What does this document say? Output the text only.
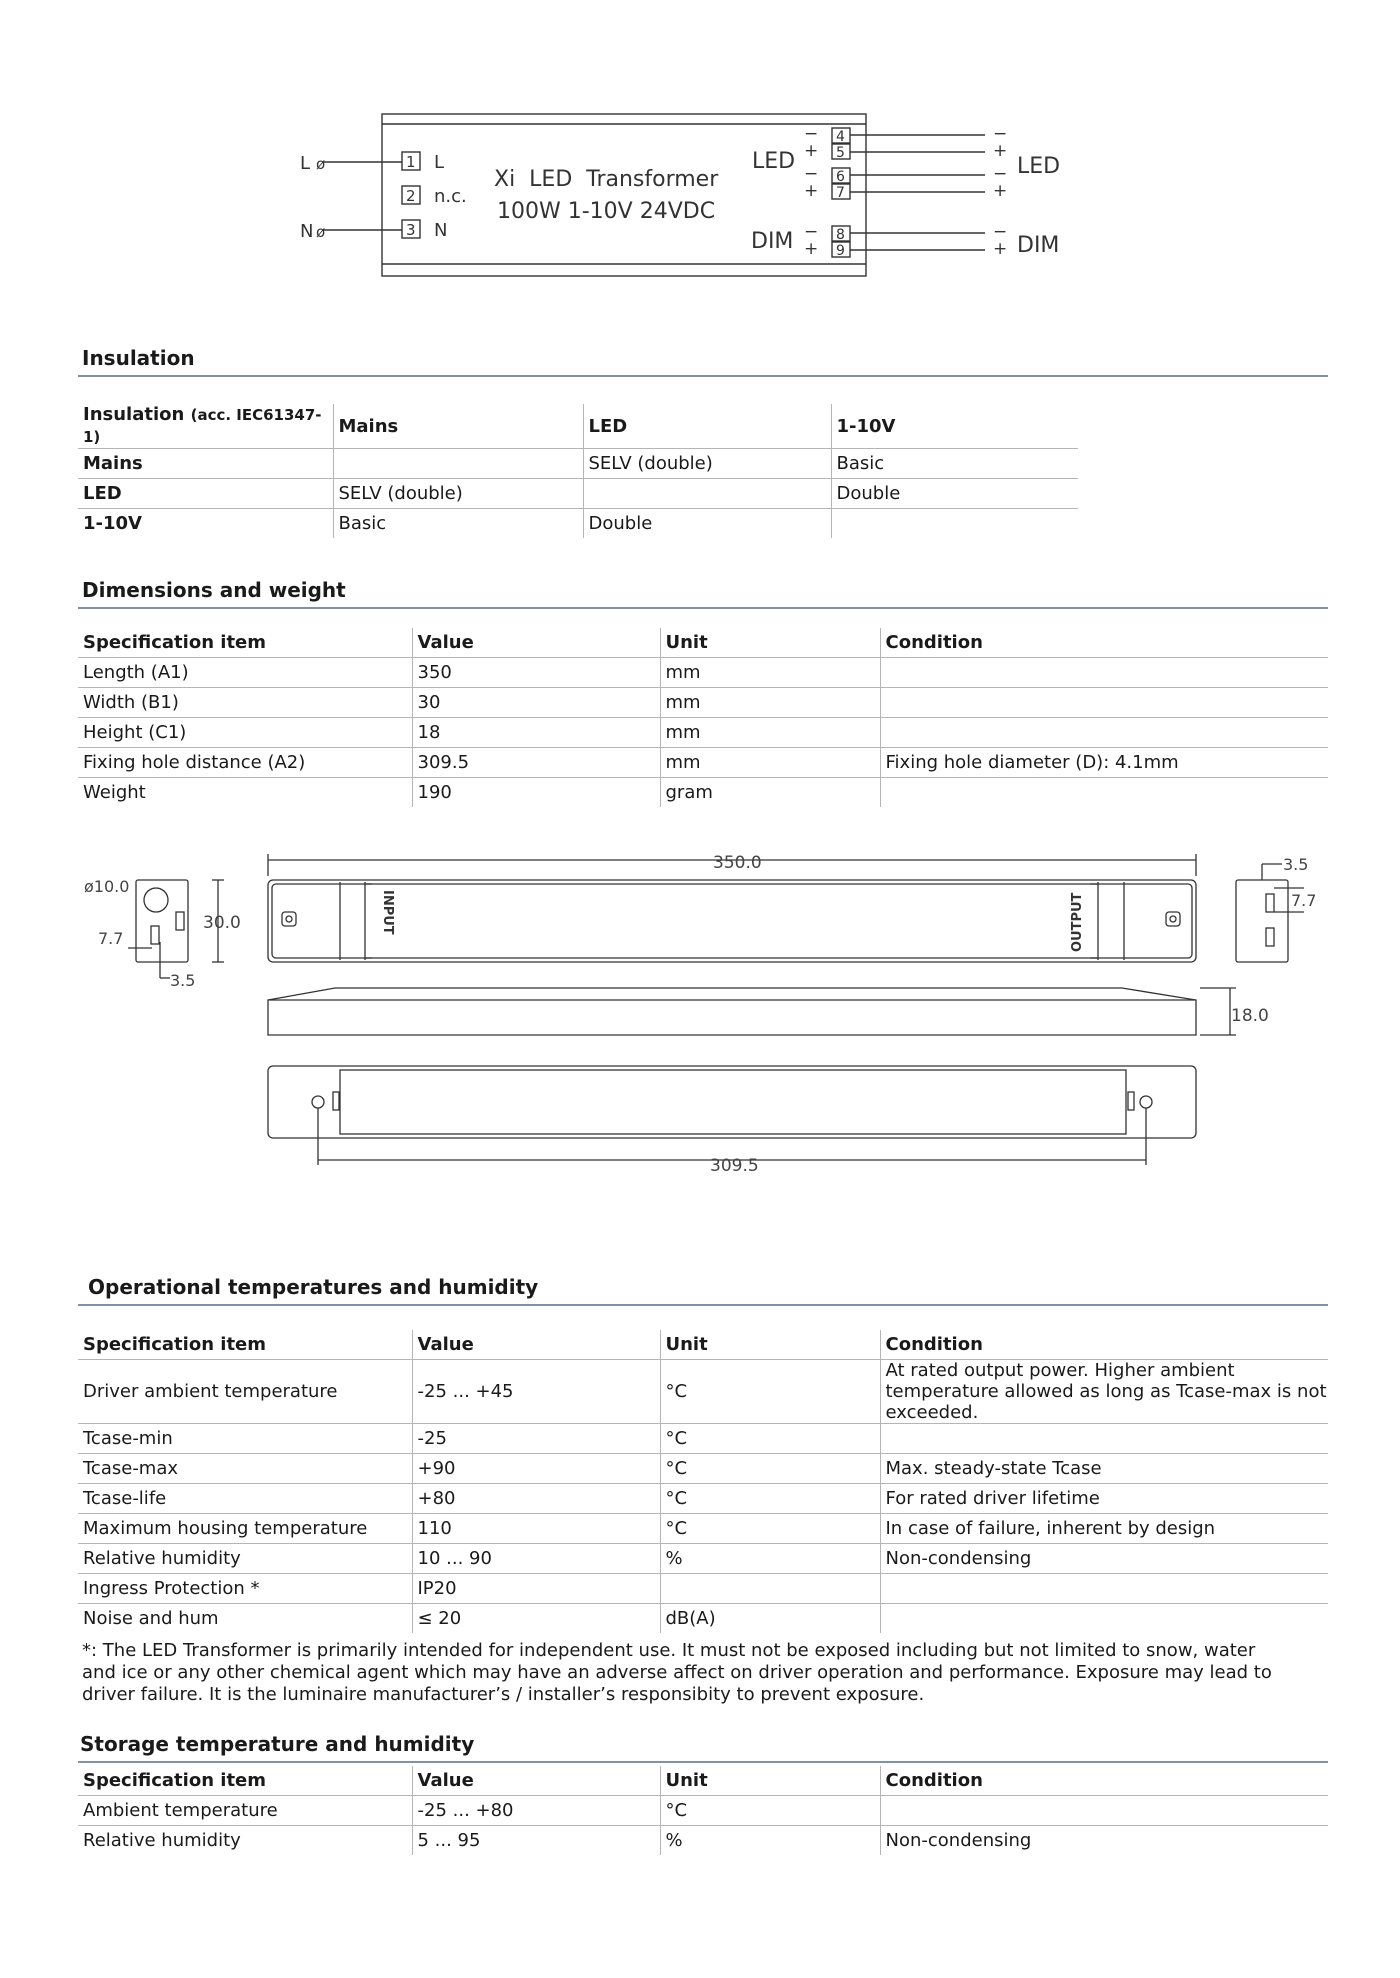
L ø
N ø
1 L
2 n.c.
3 N
Xi  LED  Transformer
100W 1-10V 24VDC
LED
DIM
−
+
−
+
−
+
4
5
6
7
8
9
−
+
−
+
−
+
LED
DIM
Insulation
Insulation (acc. IEC61347-1)	Mains	LED	1-10V
Mains		SELV (double)	Basic
LED	SELV (double)		Double
1-10V	Basic	Double	
Dimensions and weight
Specification item	Value	Unit	Condition
Length (A1)	350	mm	
Width (B1)	30	mm	
Height (C1)	18	mm	
Fixing hole distance (A2)	309.5	mm	Fixing hole diameter (D): 4.1mm
Weight	190	gram	
350.0
30.0
18.0
309.5
ø10.0
7.7
3.5
3.5
7.7
INPUT	OUTPUT
Operational temperatures and humidity
Specification item	Value	Unit	Condition
Driver ambient temperature	-25 ... +45	°C	At rated output power. Higher ambient temperature allowed as long as Tcase-max is not exceeded.
Tcase-min	-25	°C	
Tcase-max	+90	°C	Max. steady-state Tcase
Tcase-life	+80	°C	For rated driver lifetime
Maximum housing temperature	110	°C	In case of failure, inherent by design
Relative humidity	10 ... 90	%	Non-condensing
Ingress Protection *	IP20		
Noise and hum	≤ 20	dB(A)	
*: The LED Transformer is primarily intended for independent use. It must not be exposed including but not limited to snow, water and ice or any other chemical agent which may have an adverse affect on driver operation and performance. Exposure may lead to driver failure. It is the luminaire manufacturer’s / installer’s responsibity to prevent exposure.
Storage temperature and humidity
Specification item	Value	Unit	Condition
Ambient temperature	-25 ... +80	°C	
Relative humidity	5 ... 95	%	Non-condensing
